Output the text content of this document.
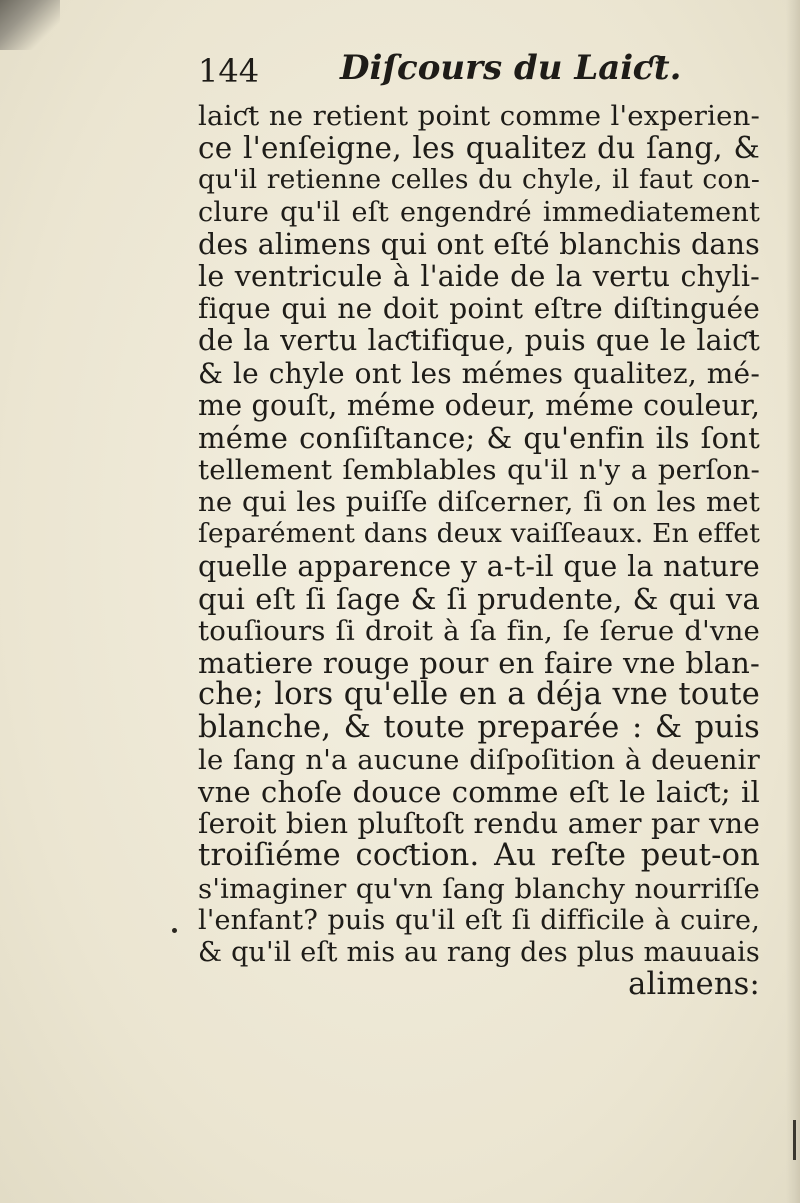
144 Diſcours du Laiƈt.
laiƈt ne retient point comme l'experien-
ce l'enſeigne, les qualitez du ſang, &
qu'il retienne celles du chyle, il faut con-
clure qu'il eſt engendré immediatement
des alimens qui ont eſté blanchis dans
le ventricule à l'aide de la vertu chyli-
fique qui ne doit point eſtre diſtinguée
de la vertu laƈtifique, puis que le laiƈt
& le chyle ont les mémes qualitez, mé-
me gouſt, méme odeur, méme couleur,
méme conſiſtance; & qu'enfin ils ſont
tellement ſemblables qu'il n'y a perſon-
ne qui les puiſſe diſcerner, ſi on les met
ſeparément dans deux vaiſſeaux. En effet
quelle apparence y a-t-il que la nature
qui eſt ſi ſage & ſi prudente, & qui va
touſiours ſi droit à ſa fin, ſe ſerue d'vne
matiere rouge pour en faire vne blan-
che; lors qu'elle en a déja vne toute
blanche, & toute preparée : & puis
le ſang n'a aucune diſpoſition à deuenir
vne choſe douce comme eſt le laiƈt; il
ſeroit bien pluſtoſt rendu amer par vne
troiſiéme coƈtion. Au reſte peut-on
s'imaginer qu'vn ſang blanchy nourriſſe
l'enfant? puis qu'il eſt ſi difficile à cuire,
& qu'il eſt mis au rang des plus mauuais
alimens:
